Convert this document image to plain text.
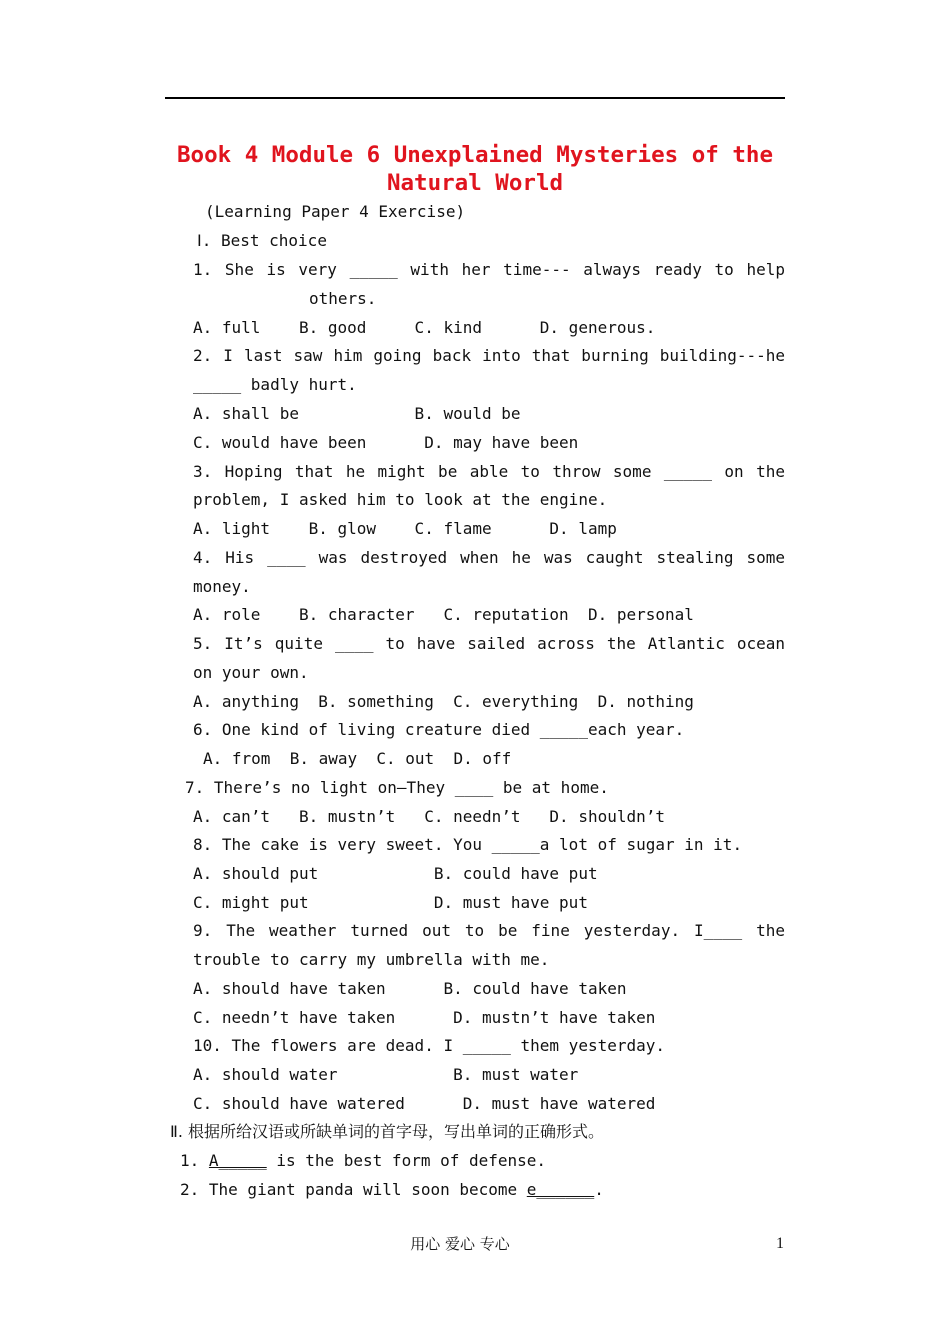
Book 4 Module 6 Unexplained Mysteries of the
Natural World
(Learning Paper 4 Exercise)
Ⅰ. Best choice
1. She is very _____ with her time--- always ready to help
others.
A. full    B. good     C. kind      D. generous.
2. I last saw him going back into that burning building---he
_____ badly hurt.
A. shall be            B. would be
C. would have been      D. may have been
3. Hoping that he might be able to throw some _____ on the
problem, I asked him to look at the engine.
A. light    B. glow    C. flame      D. lamp
4. His ____ was destroyed when he was caught stealing some
money.
A. role    B. character   C. reputation  D. personal
5. It’s quite ____ to have sailed across the Atlantic ocean
on your own.
A. anything  B. something  C. everything  D. nothing
6. One kind of living creature died _____each year.
A. from  B. away  C. out  D. off
7. There’s no light on—They ____ be at home.
A. can’t   B. mustn’t   C. needn’t   D. shouldn’t
8. The cake is very sweet. You _____a lot of sugar in it.
A. should put            B. could have put
C. might put             D. must have put
9. The weather turned out to be fine yesterday. I____ the
trouble to carry my umbrella with me.
A. should have taken      B. could have taken
C. needn’t have taken      D. mustn’t have taken
10. The flowers are dead. I _____ them yesterday.
A. should water            B. must water
C. should have watered      D. must have watered
Ⅱ. 根据所给汉语或所缺单词的首字母，写出单词的正确形式。
1. A_____ is the best form of defense.
2. The giant panda will soon become e______.
用心 爱心 专心	1
